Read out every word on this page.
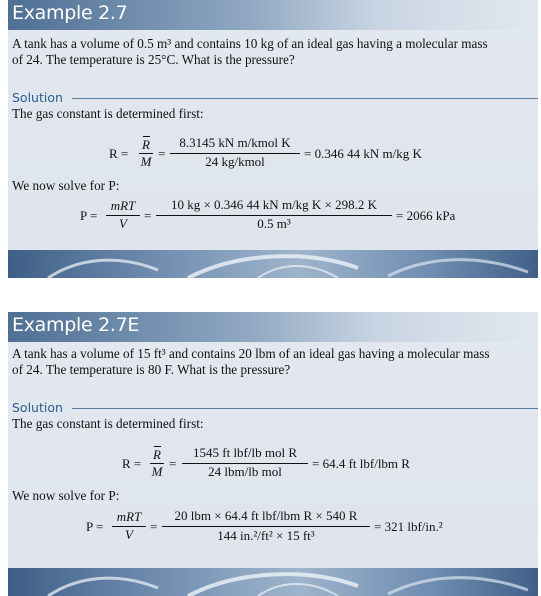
Example 2.7
A tank has a volume of 0.5 m³ and contains 10 kg of an ideal gas having a molecular mass
of 24. The temperature is 25°C. What is the pressure?
Solution
The gas constant is determined first:
R =
R
M
=
8.3145 kN m/kmol K
24 kg/kmol
= 0.346 44 kN m/kg K
We now solve for P:
P =
mRT
V
=
10 kg × 0.346 44 kN m/kg K × 298.2 K
0.5 m³
= 2066 kPa
Example 2.7E
A tank has a volume of 15 ft³ and contains 20 lbm of an ideal gas having a molecular mass
of 24. The temperature is 80 F. What is the pressure?
Solution
The gas constant is determined first:
R =
R
M
=
1545 ft lbf/lb mol R
24 lbm/lb mol
= 64.4 ft lbf/lbm R
We now solve for P:
P =
mRT
V
=
20 lbm × 64.4 ft lbf/lbm R × 540 R
144 in.²/ft² × 15 ft³
= 321 lbf/in.²
